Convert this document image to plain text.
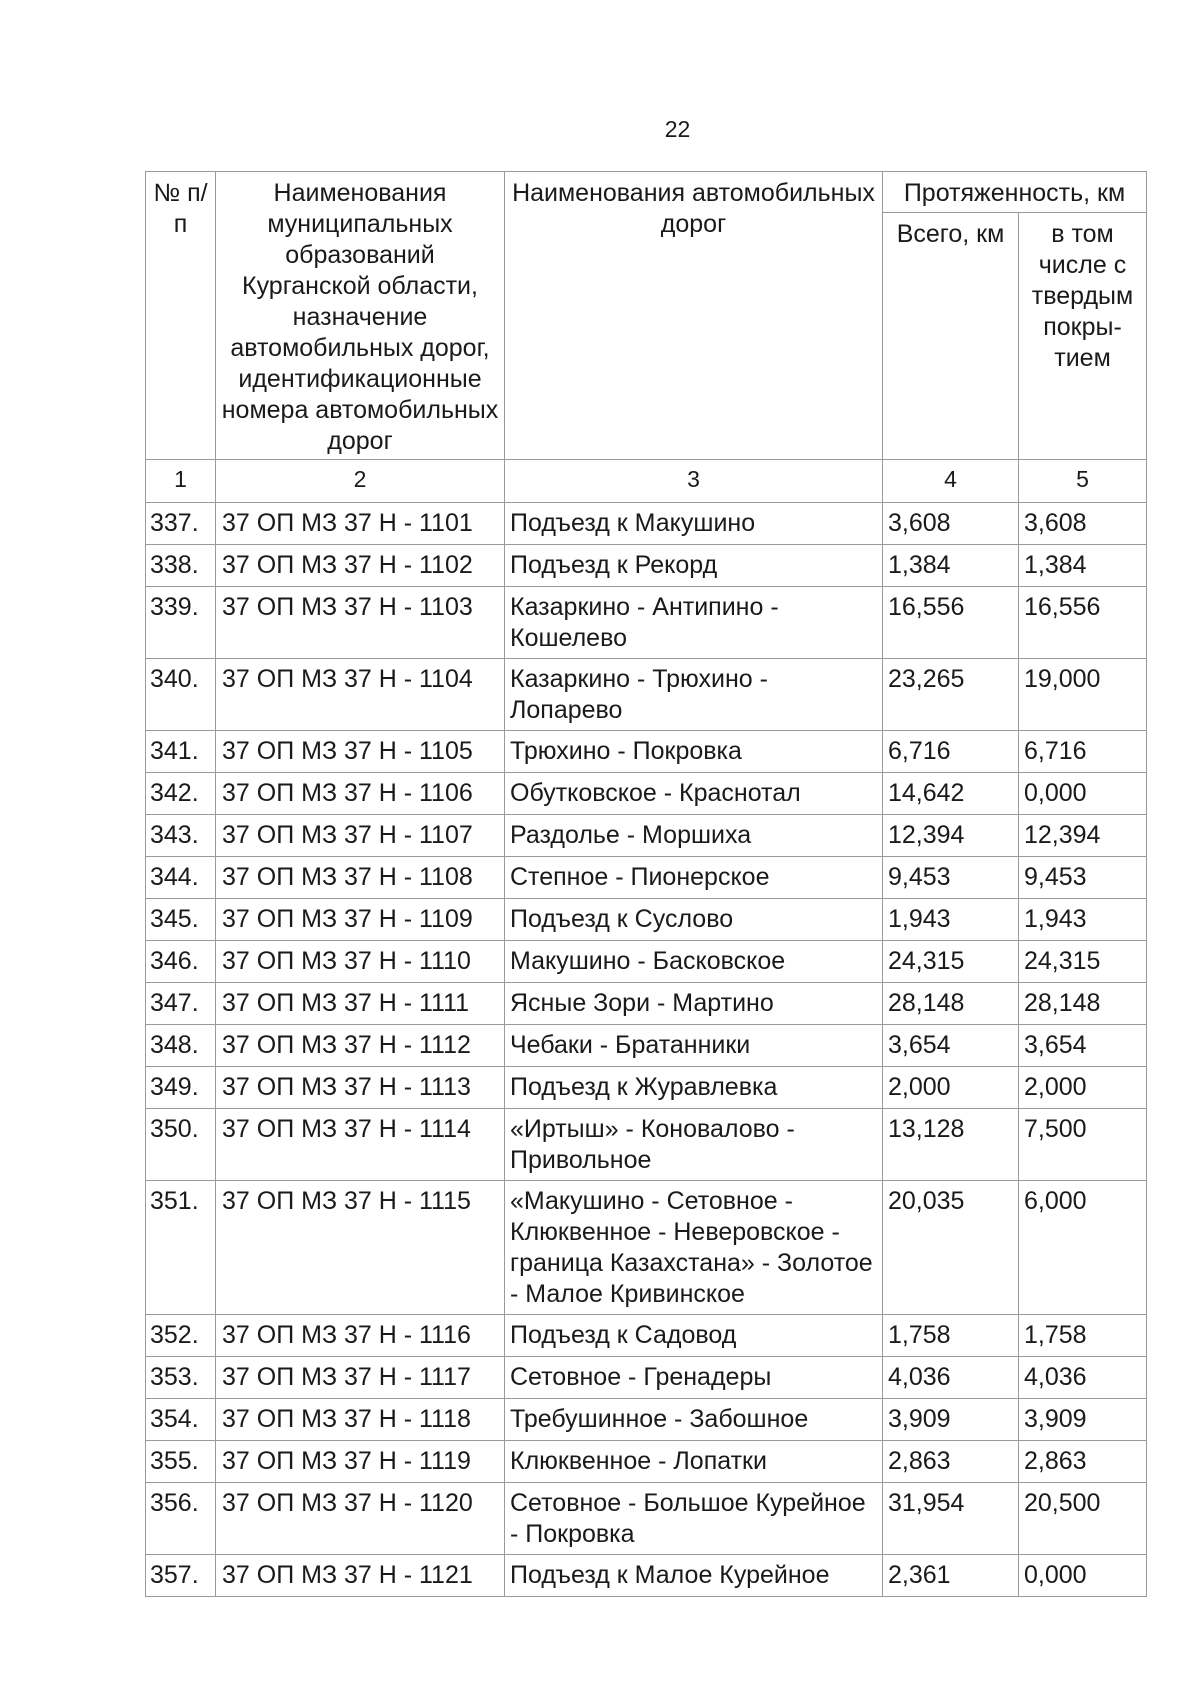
22
№ п/п	Наименования муниципальных образований Курганской области, назначение автомобильных дорог, идентификационные номера автомобильных дорог	Наименования автомобильных дорог	Протяженность, км	
			Всего, км	в том числе с твердым покры-тием
1	2	3	4	5
337.	37 ОП МЗ 37 Н - 1101	Подъезд к Макушино	3,608	3,608
338.	37 ОП МЗ 37 Н - 1102	Подъезд к Рекорд	1,384	1,384
339.	37 ОП МЗ 37 Н - 1103	Казаркино - Антипино - Кошелево	16,556	16,556
340.	37 ОП МЗ 37 Н - 1104	Казаркино - Трюхино - Лопарево	23,265	19,000
341.	37 ОП МЗ 37 Н - 1105	Трюхино - Покровка	6,716	6,716
342.	37 ОП МЗ 37 Н - 1106	Обутковское - Краснотал	14,642	0,000
343.	37 ОП МЗ 37 Н - 1107	Раздолье - Моршиха	12,394	12,394
344.	37 ОП МЗ 37 Н - 1108	Степное - Пионерское	9,453	9,453
345.	37 ОП МЗ 37 Н - 1109	Подъезд к Суслово	1,943	1,943
346.	37 ОП МЗ 37 Н - 1110	Макушино - Басковское	24,315	24,315
347.	37 ОП МЗ 37 Н - 1111	Ясные Зори - Мартино	28,148	28,148
348.	37 ОП МЗ 37 Н - 1112	Чебаки - Братанники	3,654	3,654
349.	37 ОП МЗ 37 Н - 1113	Подъезд к Журавлевка	2,000	2,000
350.	37 ОП МЗ 37 Н - 1114	«Иртыш» - Коновалово - Привольное	13,128	7,500
351.	37 ОП МЗ 37 Н - 1115	«Макушино - Сетовное - Клюквенное - Неверовское - граница Казахстана» - Золотое - Малое Кривинское	20,035	6,000
352.	37 ОП МЗ 37 Н - 1116	Подъезд к Садовод	1,758	1,758
353.	37 ОП МЗ 37 Н - 1117	Сетовное - Гренадеры	4,036	4,036
354.	37 ОП МЗ 37 Н - 1118	Требушинное - Забошное	3,909	3,909
355.	37 ОП МЗ 37 Н - 1119	Клюквенное - Лопатки	2,863	2,863
356.	37 ОП МЗ 37 Н - 1120	Сетовное - Большое Курейное - Покровка	31,954	20,500
357.	37 ОП МЗ 37 Н - 1121	Подъезд к Малое Курейное	2,361	0,000
